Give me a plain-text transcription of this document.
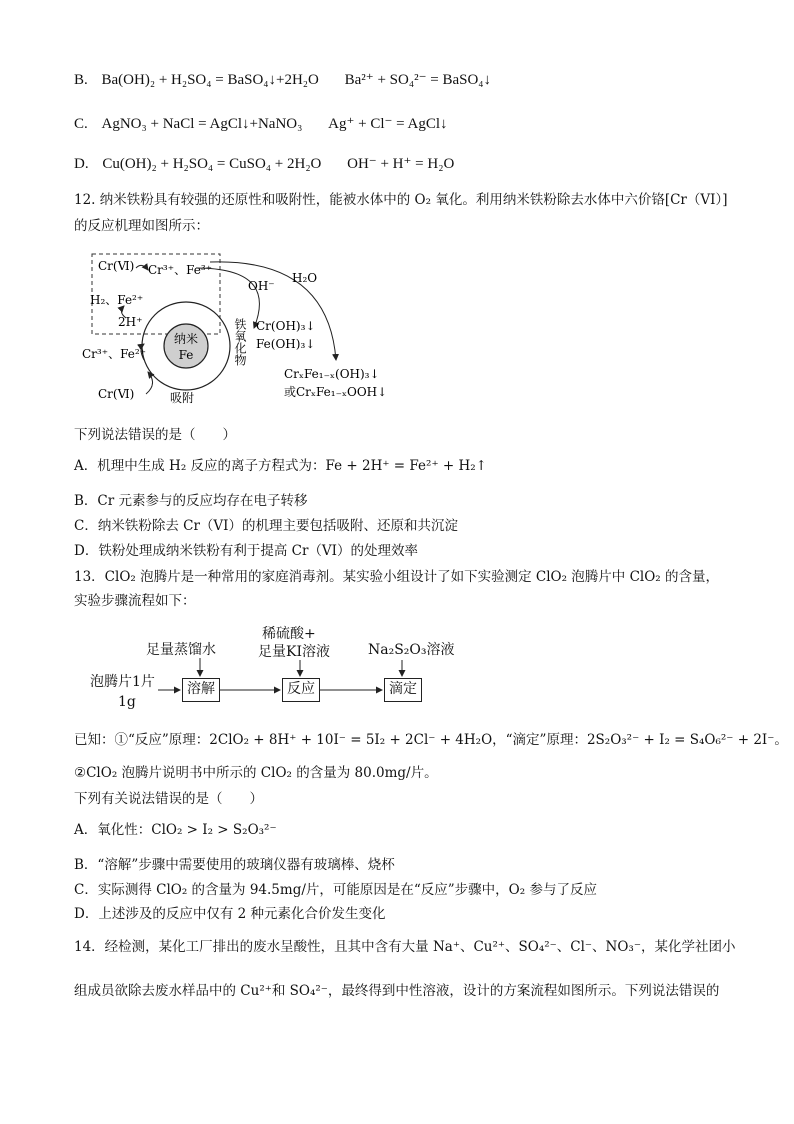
B. Ba(OH)₂ + H₂SO₄ = BaSO₄↓+2H₂O Ba²⁺ + SO₄²⁻ = BaSO₄↓
C. AgNO₃ + NaCl = AgCl↓+NaNO₃ Ag⁺ + Cl⁻ = AgCl↓
D. Cu(OH)₂ + H₂SO₄ = CuSO₄ + 2H₂O OH⁻ + H⁺ = H₂O
12. 纳米铁粉具有较强的还原性和吸附性，能被水体中的 O₂ 氧化。利用纳米铁粉除去水体中六价铬[Cr（VI）]
的反应机理如图所示：
纳米
Fe	铁氧化物
Cr(Ⅵ) Cr³⁺、Fe³⁺
H₂、Fe²⁺
2H⁺
Cr³⁺、Fe²⁺
Cr(Ⅵ)	吸附
OH⁻
H₂O
Cr(OH)₃↓
Fe(OH)₃↓
CrₓFe₁₋ₓ(OH)₃↓
或CrₓFe₁₋ₓOOH↓
下列说法错误的是（　　）
A．机理中生成 H₂ 反应的离子方程式为：Fe + 2H⁺ = Fe²⁺ + H₂↑
B．Cr 元素参与的反应均存在电子转移
C．纳米铁粉除去 Cr（VI）的机理主要包括吸附、还原和共沉淀
D．铁粉处理成纳米铁粉有利于提高 Cr（VI）的处理效率
13．ClO₂ 泡腾片是一种常用的家庭消毒剂。某实验小组设计了如下实验测定 ClO₂ 泡腾片中 ClO₂ 的含量，
实验步骤流程如下：
泡腾片1片
1g
足量蒸馏水
稀硫酸+
足量KI溶液	Na₂S₂O₃溶液
溶解	反应	滴定
已知：①“反应”原理：2ClO₂ + 8H⁺ + 10I⁻ = 5I₂ + 2Cl⁻ + 4H₂O，“滴定”原理：2S₂O₃²⁻ + I₂ = S₄O₆²⁻ + 2I⁻。
②ClO₂ 泡腾片说明书中所示的 ClO₂ 的含量为 80.0mg/片。
下列有关说法错误的是（　　）
A．氧化性：ClO₂ > I₂ > S₂O₃²⁻
B．“溶解”步骤中需要使用的玻璃仪器有玻璃棒、烧杯
C．实际测得 ClO₂ 的含量为 94.5mg/片，可能原因是在“反应”步骤中，O₂ 参与了反应
D．上述涉及的反应中仅有 2 种元素化合价发生变化
14．经检测，某化工厂排出的废水呈酸性，且其中含有大量 Na⁺、Cu²⁺、SO₄²⁻、Cl⁻、NO₃⁻，某化学社团小
组成员欲除去废水样品中的 Cu²⁺和 SO₄²⁻，最终得到中性溶液，设计的方案流程如图所示。下列说法错误的
